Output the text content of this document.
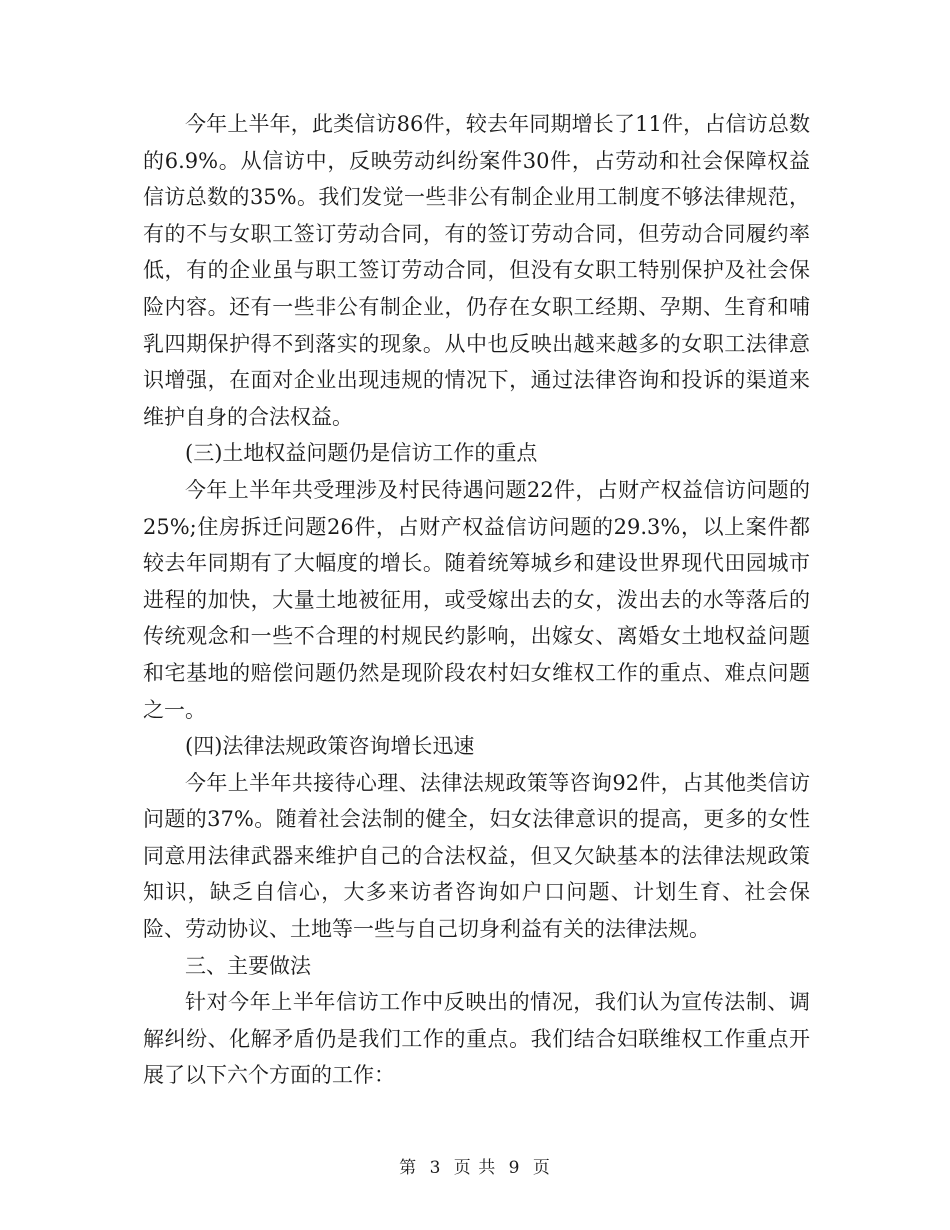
今年上半年，此类信访86件，较去年同期增长了11件，占信访总数的6.9%。从信访中，反映劳动纠纷案件30件，占劳动和社会保障权益信访总数的35%。我们发觉一些非公有制企业用工制度不够法律规范，有的不与女职工签订劳动合同，有的签订劳动合同，但劳动合同履约率低，有的企业虽与职工签订劳动合同，但没有女职工特别保护及社会保险内容。还有一些非公有制企业，仍存在女职工经期、孕期、生育和哺乳四期保护得不到落实的现象。从中也反映出越来越多的女职工法律意识增强，在面对企业出现违规的情况下，通过法律咨询和投诉的渠道来维护自身的合法权益。

(三)土地权益问题仍是信访工作的重点

今年上半年共受理涉及村民待遇问题22件，占财产权益信访问题的25%;住房拆迁问题26件，占财产权益信访问题的29.3%，以上案件都较去年同期有了大幅度的增长。随着统筹城乡和建设世界现代田园城市进程的加快，大量土地被征用，或受嫁出去的女，泼出去的水等落后的传统观念和一些不合理的村规民约影响，出嫁女、离婚女土地权益问题和宅基地的赔偿问题仍然是现阶段农村妇女维权工作的重点、难点问题之一。

(四)法律法规政策咨询增长迅速

今年上半年共接待心理、法律法规政策等咨询92件，占其他类信访问题的37%。随着社会法制的健全，妇女法律意识的提高，更多的女性同意用法律武器来维护自己的合法权益，但又欠缺基本的法律法规政策知识，缺乏自信心，大多来访者咨询如户口问题、计划生育、社会保险、劳动协议、土地等一些与自己切身利益有关的法律法规。

三、主要做法

针对今年上半年信访工作中反映出的情况，我们认为宣传法制、调解纠纷、化解矛盾仍是我们工作的重点。我们结合妇联维权工作重点开展了以下六个方面的工作：

第 3 页 共 9 页
